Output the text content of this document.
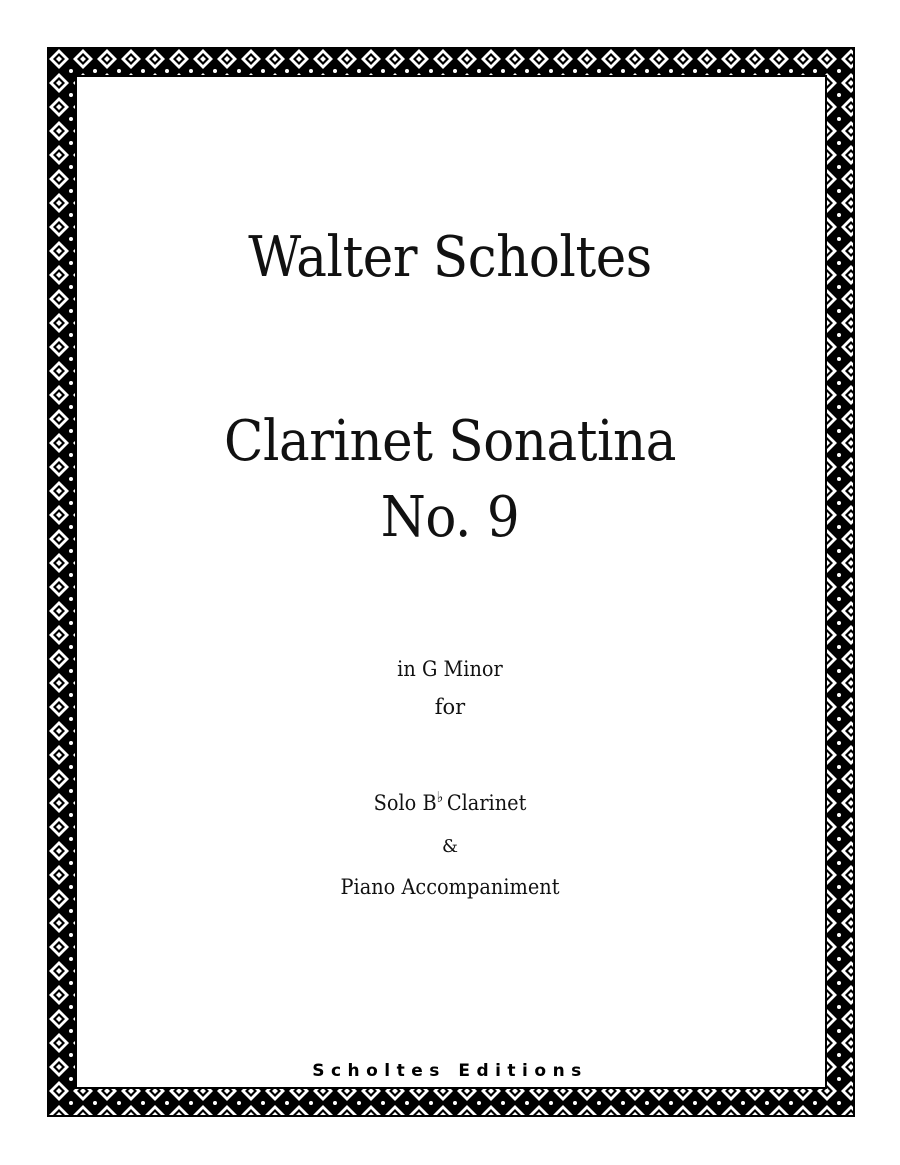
Walter Scholtes
Clarinet Sonatina
No. 9
in G Minor
for
Solo B♭ Clarinet
&
Piano Accompaniment
Scholtes Editions
